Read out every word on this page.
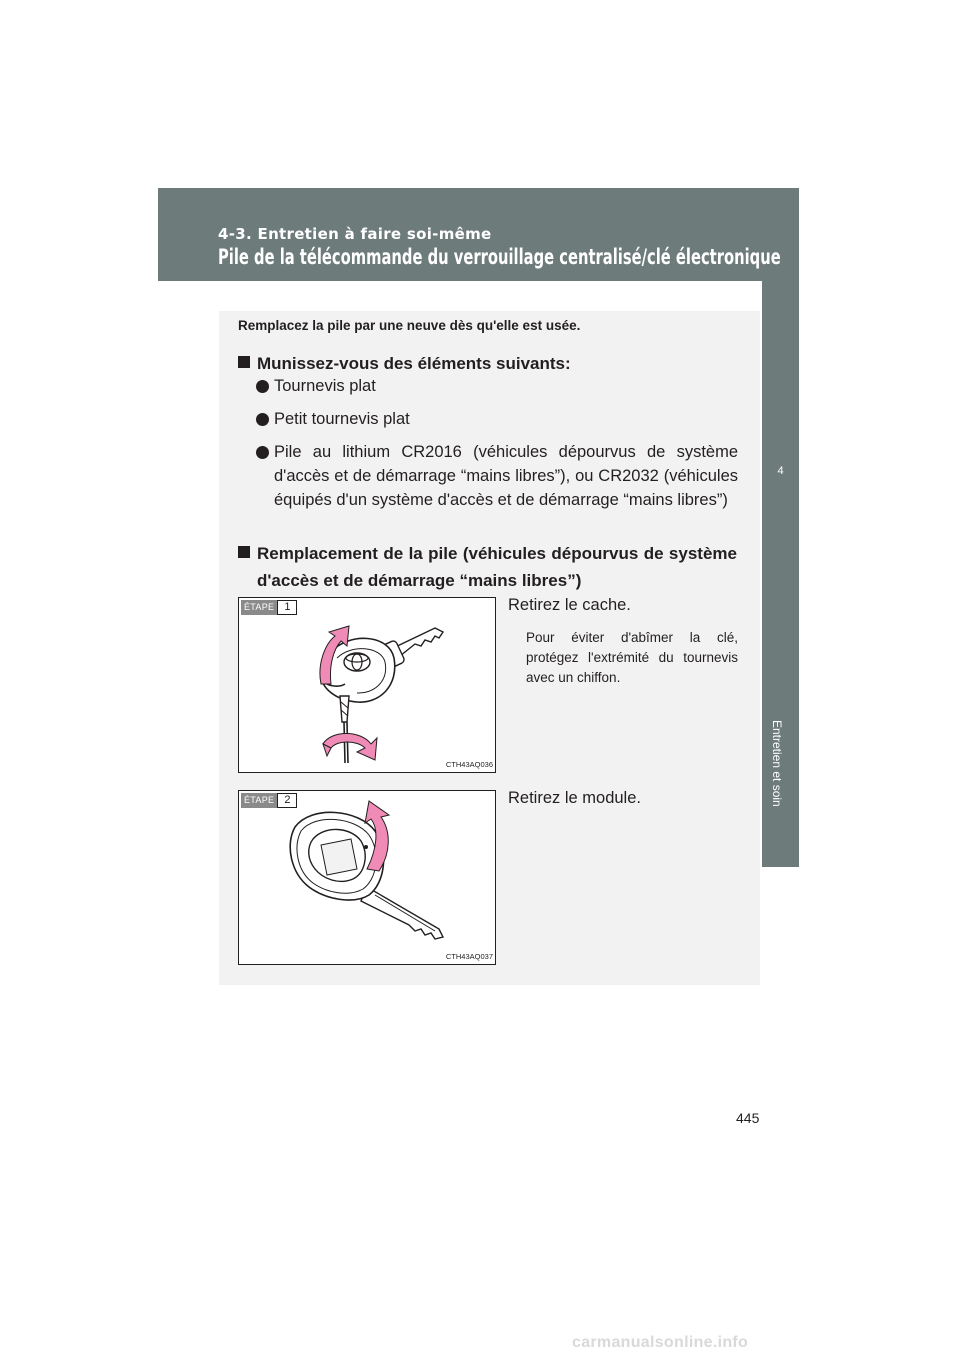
4-3. Entretien à faire soi-même
Pile de la télécommande du verrouillage centralisé/clé électronique
4
Entretien et soin
Remplacez la pile par une neuve dès qu'elle est usée.
Munissez-vous des éléments suivants:
Tournevis plat
Petit tournevis plat
Pile au lithium CR2016 (véhicules dépourvus de système d'accès et de démarrage “mains libres”), ou CR2032 (véhicules équipés d'un système d'accès et de démarrage “mains libres”)
Remplacement de la pile (véhicules dépourvus de système d'accès et de démarrage “mains libres”)
ÉTAPE 1
CTH43AQ036
Retirez le cache.
Pour éviter d'abîmer la clé, protégez l'extrémité du tournevis avec un chiffon.
ÉTAPE 2
CTH43AQ037
Retirez le module.
445
carmanualsonline.info
